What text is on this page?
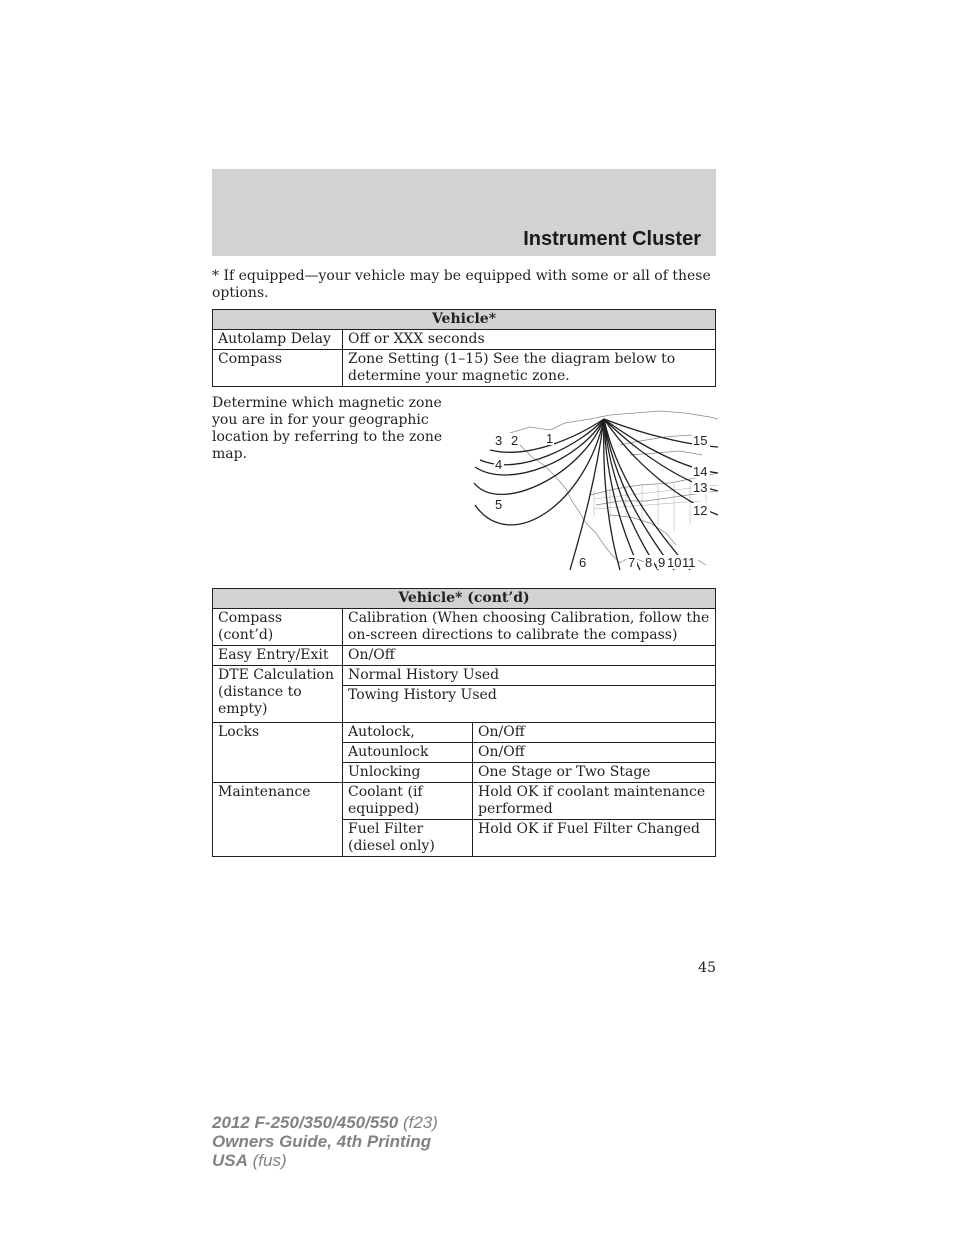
Instrument Cluster
* If equipped—your vehicle may be equipped with some or all of these options.
Vehicle*	
Autolamp Delay	Off or XXX seconds
Compass	Zone Setting (1–15) See the diagram below to determine your magnetic zone.
Determine which magnetic zone you are in for your geographic location by referring to the zone map.
1
2
3
4
5
6	7 8 9 10 11
12
13
14
15
Vehicle* (cont’d)		
Compass (cont’d)	Calibration (When choosing Calibration, follow the on-screen directions to calibrate the compass)	
Easy Entry/Exit	On/Off	
DTE Calculation (distance to empty)	Normal History Used	
	Towing History Used	
Locks	Autolock,	On/Off
	Autounlock	On/Off
	Unlocking	One Stage or Two Stage
Maintenance	Coolant (if equipped)	Hold OK if coolant maintenance performed
	Fuel Filter (diesel only)	Hold OK if Fuel Filter Changed
45
2012 F-250/350/450/550 (f23)
Owners Guide, 4th Printing
USA (fus)
